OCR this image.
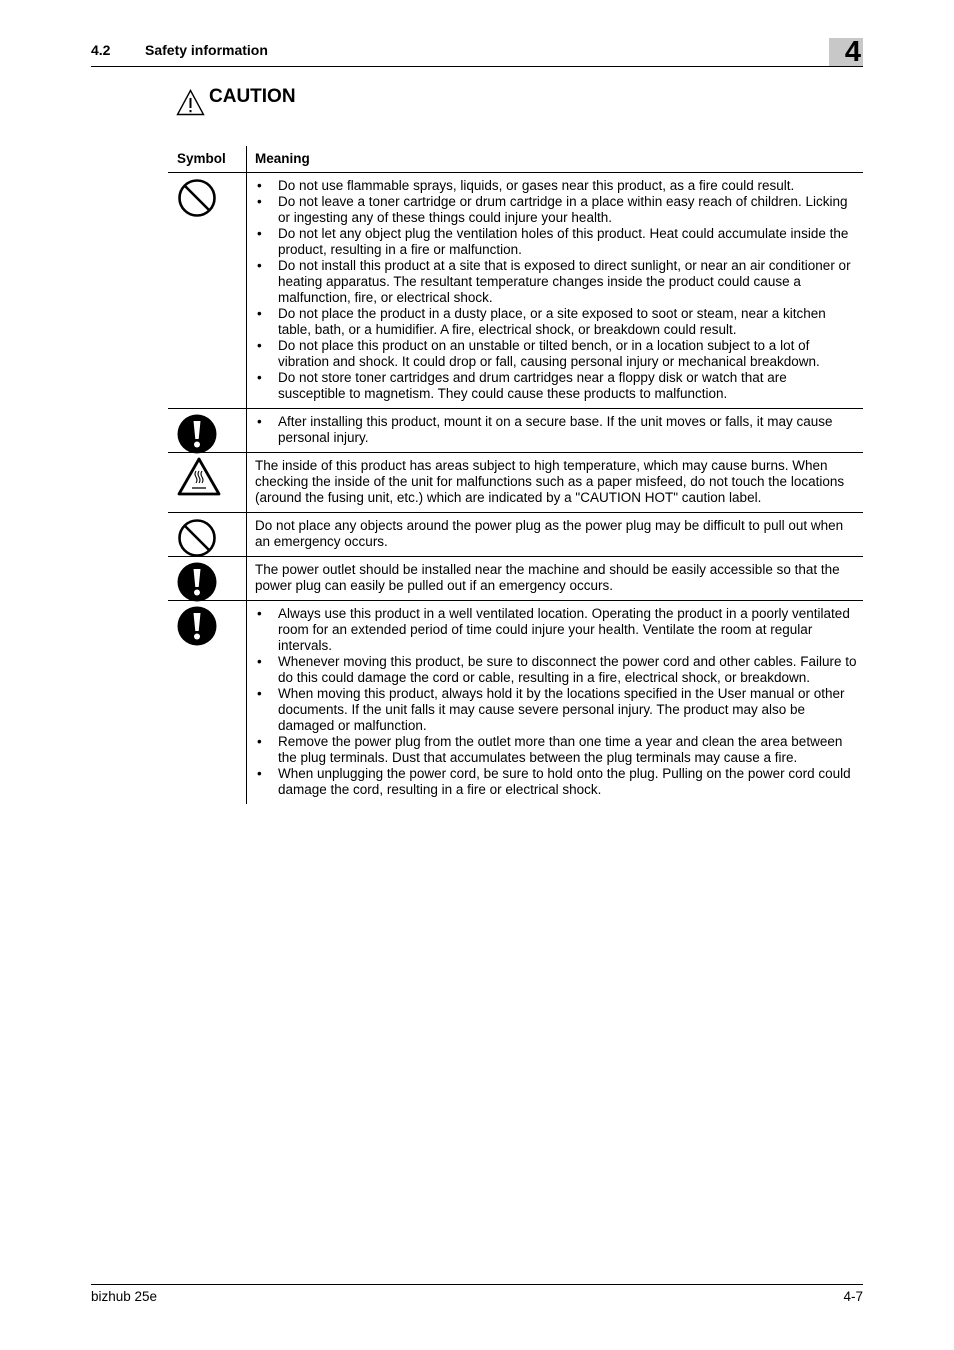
4.2 Safety information	4
CAUTION
Symbol Meaning
• Do not use flammable sprays, liquids, or gases near this product, as a fire could result.
• Do not leave a toner cartridge or drum cartridge in a place within easy reach of children. Licking or ingesting any of these things could injure your health.
• Do not let any object plug the ventilation holes of this product. Heat could accumulate inside the product, resulting in a fire or malfunction.
• Do not install this product at a site that is exposed to direct sunlight, or near an air conditioner or heating apparatus. The resultant temperature changes inside the product could cause a malfunction, fire, or electrical shock.
• Do not place the product in a dusty place, or a site exposed to soot or steam, near a kitchen table, bath, or a humidifier. A fire, electrical shock, or breakdown could result.
• Do not place this product on an unstable or tilted bench, or in a location subject to a lot of vibration and shock. It could drop or fall, causing personal injury or mechanical breakdown.
• Do not store toner cartridges and drum cartridges near a floppy disk or watch that are susceptible to magnetism. They could cause these products to malfunction.
• After installing this product, mount it on a secure base. If the unit moves or falls, it may cause personal injury.

The inside of this product has areas subject to high temperature, which may cause burns. When checking the inside of the unit for malfunctions such as a paper misfeed, do not touch the locations (around the fusing unit, etc.) which are indicated by a "CAUTION HOT" caution label.

Do not place any objects around the power plug as the power plug may be difficult to pull out when an emergency occurs.

The power outlet should be installed near the machine and should be easily accessible so that the power plug can easily be pulled out if an emergency occurs.

• Always use this product in a well ventilated location. Operating the product in a poorly ventilated room for an extended period of time could injure your health. Ventilate the room at regular intervals.
• Whenever moving this product, be sure to disconnect the power cord and other cables. Failure to do this could damage the cord or cable, resulting in a fire, electrical shock, or breakdown.
• When moving this product, always hold it by the locations specified in the User manual or other documents. If the unit falls it may cause severe personal injury. The product may also be damaged or malfunction.
• Remove the power plug from the outlet more than one time a year and clean the area between the plug terminals. Dust that accumulates between the plug terminals may cause a fire.
• When unplugging the power cord, be sure to hold onto the plug. Pulling on the power cord could damage the cord, resulting in a fire or electrical shock.
bizhub 25e	4-7
